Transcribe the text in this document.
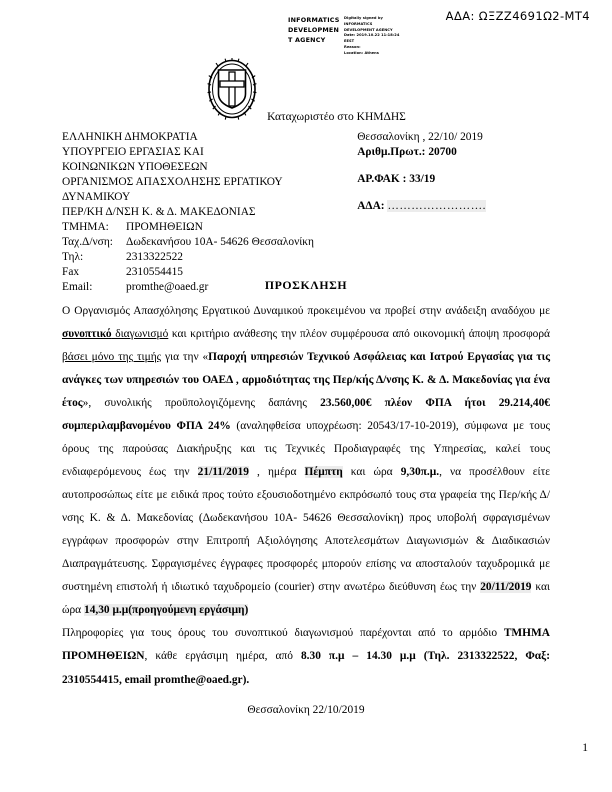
ΑΔΑ: ΩΞΖΖ4691Ω2-ΜΤ4
INFORMATICS
DEVELOPMEN
T AGENCY
Digitally signed by
INFORMATICS
DEVELOPMENT AGENCY
Date: 2019.10.22 11:18:24
EEST
Reason:
Location: Athens
Καταχωριστέο στο ΚΗΜΔΗΣ
ΕΛΛΗΝΙΚΗ ΔΗΜΟΚΡΑΤΙΑ
ΥΠΟΥΡΓΕΙΟ ΕΡΓΑΣΙΑΣ ΚΑΙ
ΚΟΙΝΩΝΙΚΩΝ ΥΠΟΘΕΣΕΩΝ
ΟΡΓΑΝΙΣΜΟΣ ΑΠΑΣΧΟΛΗΣΗΣ ΕΡΓΑΤΙΚΟΥ
ΔΥΝΑΜΙΚΟΥ
ΠΕΡ/ΚΗ Δ/ΝΣΗ Κ. & Δ. ΜΑΚΕΔΟΝΙΑΣ
ΤΜΗΜΑ: ΠΡΟΜΗΘΕΙΩΝ
Ταχ.Δ/νση: Δωδεκανήσου 10Α- 54626 Θεσσαλονίκη
Τηλ:	2313322522
Fax	2310554415
Email:	promthe@oaed.gr
Θεσσαλονίκη , 22/10/ 2019
Αριθμ.Πρωτ.: 20700
ΑΡ.ΦΑΚ : 33/19
ΑΔΑ: …………………….
ΠΡΟΣΚΛΗΣΗ

Ο Οργανισμός Απασχόλησης Εργατικού Δυναμικού προκειμένου να προβεί στην ανάδειξη αναδόχου με συνοπτικό διαγωνισμό και κριτήριο ανάθεσης την πλέον συμφέρουσα από οικονομική άποψη προσφορά βάσει μόνο της τιμής για την «Παροχή υπηρεσιών Τεχνικού Ασφάλειας και Ιατρού Εργασίας για τις ανάγκες των υπηρεσιών του ΟΑΕΔ , αρμοδιότητας της Περ/κής Δ/νσης Κ. & Δ. Μακεδονίας για ένα έτος», συνολικής προϋπολογιζόμενης δαπάνης 23.560,00€ πλέον ΦΠΑ ήτοι 29.214,40€ συμπεριλαμβανομένου ΦΠΑ 24% (αναληφθείσα υποχρέωση: 20543/17-10-2019), σύμφωνα με τους όρους της παρούσας Διακήρυξης και τις Τεχνικές Προδιαγραφές της Υπηρεσίας, καλεί τους ενδιαφερόμενους έως την 21/11/2019 , ημέρα Πέμπτη και ώρα 9,30π.μ., να προσέλθουν είτε αυτοπροσώπως είτε με ειδικά προς τούτο εξουσιοδοτημένο εκπρόσωπό τους στα γραφεία της Περ/κής Δ/νσης Κ. & Δ. Μακεδονίας (Δωδεκανήσου 10Α- 54626 Θεσσαλονίκη) προς υποβολή σφραγισμένων εγγράφων προσφορών στην Επιτροπή Αξιολόγησης Αποτελεσμάτων Διαγωνισμών & Διαδικασιών Διαπραγμάτευσης. Σφραγισμένες έγγραφες προσφορές μπορούν επίσης να αποσταλούν ταχυδρομικά με συστημένη επιστολή ή ιδιωτικό ταχυδρομείο (courier) στην ανωτέρω διεύθυνση έως την 20/11/2019 και ώρα 14,30 μ.μ(προηγούμενη εργάσιμη)

Πληροφορίες για τους όρους του συνοπτικού διαγωνισμού παρέχονται από το αρμόδιο ΤΜΗΜΑ ΠΡΟΜΗΘΕΙΩΝ, κάθε εργάσιμη ημέρα, από 8.30 π.μ – 14.30 μ.μ (Τηλ. 2313322522, Φαξ: 2310554415, email promthe@oaed.gr).

Θεσσαλονίκη 22/10/2019
1
